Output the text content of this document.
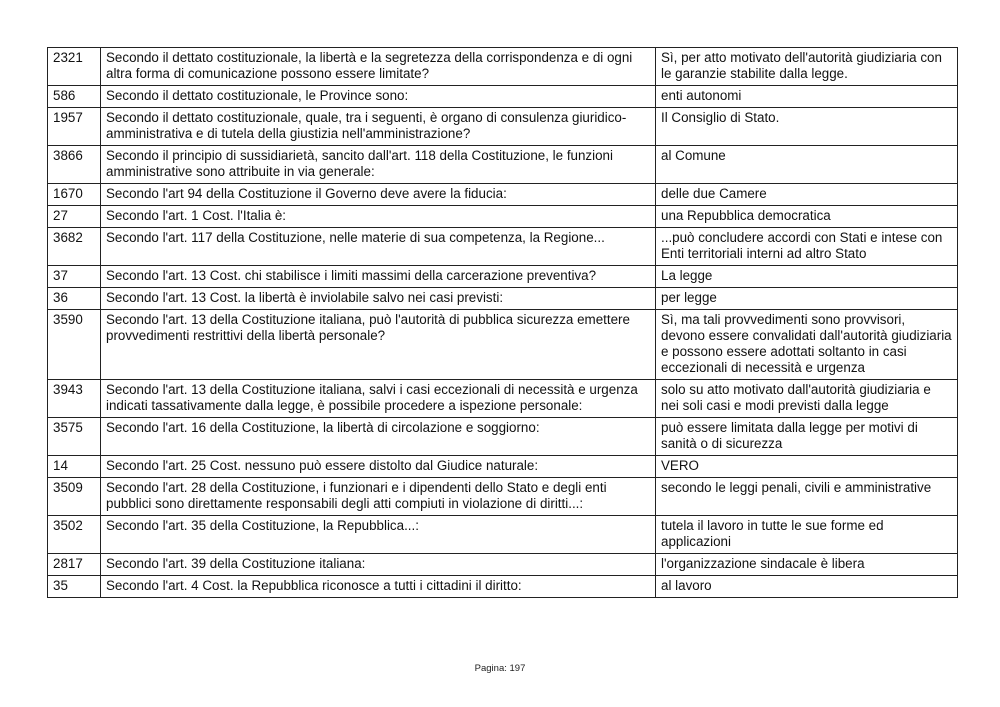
2321	Secondo il dettato costituzionale, la libertà e la segretezza della corrispondenza e di ogni altra forma di comunicazione possono essere limitate?	Sì, per atto motivato dell'autorità giudiziaria con le garanzie stabilite dalla legge.
586	Secondo il dettato costituzionale, le Province sono:	enti autonomi
1957	Secondo il dettato costituzionale, quale, tra i seguenti, è organo di consulenza giuridico- amministrativa e di tutela della giustizia nell'amministrazione?	Il Consiglio di Stato.
3866	Secondo il principio di sussidiarietà, sancito dall'art. 118 della Costituzione, le funzioni amministrative sono attribuite in via generale:	al Comune
1670	Secondo l'art 94 della Costituzione il Governo deve avere la fiducia:	delle due Camere
27	Secondo l'art. 1 Cost. l'Italia è:	una Repubblica democratica
3682	Secondo l'art. 117 della Costituzione, nelle materie di sua competenza, la Regione...	...può concludere accordi con Stati e intese con Enti territoriali interni ad altro Stato
37	Secondo l'art. 13 Cost. chi stabilisce i limiti massimi della carcerazione preventiva?	La legge
36	Secondo l'art. 13 Cost. la libertà è inviolabile salvo nei casi previsti:	per legge
3590	Secondo l'art. 13 della Costituzione italiana, può l'autorità di pubblica sicurezza emettere provvedimenti restrittivi della libertà personale?	Sì, ma tali provvedimenti sono provvisori, devono essere convalidati dall'autorità giudiziaria e possono essere adottati soltanto in casi eccezionali di necessità e urgenza
3943	Secondo l'art. 13 della Costituzione italiana, salvi i casi eccezionali di necessità e urgenza indicati tassativamente dalla legge, è possibile procedere a ispezione personale:	solo su atto motivato dall'autorità giudiziaria e nei soli casi e modi previsti dalla legge
3575	Secondo l'art. 16 della Costituzione, la libertà di circolazione e soggiorno:	può essere limitata dalla legge per motivi di sanità o di sicurezza
14	Secondo l'art. 25 Cost. nessuno può essere distolto dal Giudice naturale:	VERO
3509	Secondo l'art. 28 della Costituzione, i funzionari e i dipendenti dello Stato e degli enti pubblici sono direttamente responsabili degli atti compiuti in violazione di diritti...:	secondo le leggi penali, civili e amministrative
3502	Secondo l'art. 35 della Costituzione, la Repubblica...:	tutela il lavoro in tutte le sue forme ed applicazioni
2817	Secondo l'art. 39 della Costituzione italiana:	l'organizzazione sindacale è libera
35	Secondo l'art. 4 Cost. la Repubblica riconosce a tutti i cittadini il diritto:	al lavoro
Pagina: 197
